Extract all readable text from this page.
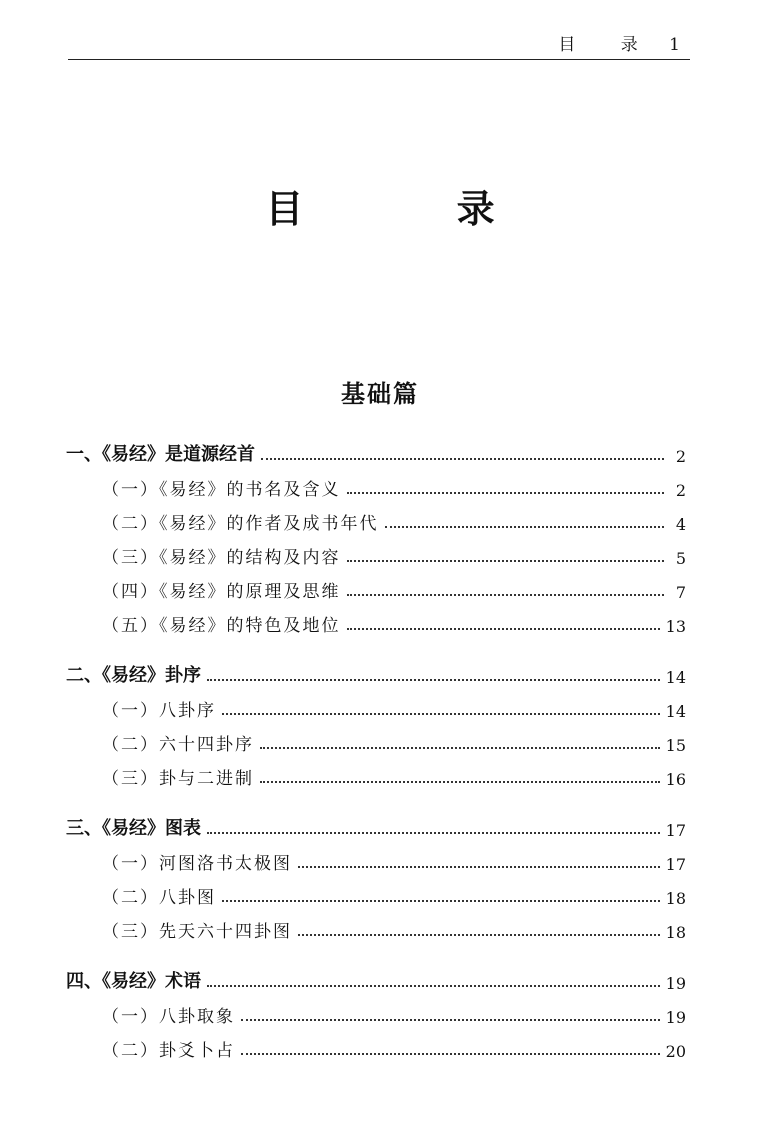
目 录 1
目 录
基础篇
一、《易经》是道源经首	2
（一）《易经》的书名及含义	2
（二）《易经》的作者及成书年代	4
（三）《易经》的结构及内容	5
（四）《易经》的原理及思维	7
（五）《易经》的特色及地位	13
二、《易经》卦序	14
（一）八卦序	14
（二）六十四卦序	15
（三）卦与二进制	16
三、《易经》图表	17
（一）河图洛书太极图	17
（二）八卦图	18
（三）先天六十四卦图	18
四、《易经》术语	19
（一）八卦取象	19
（二）卦爻卜占	20
